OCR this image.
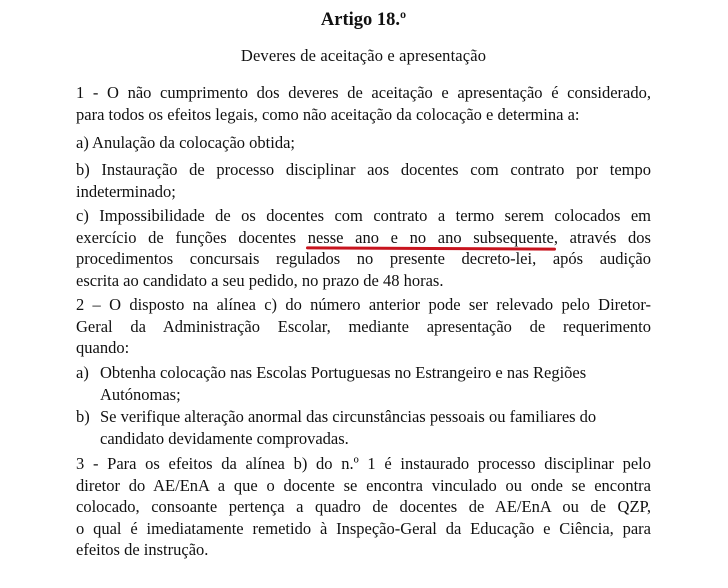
Artigo 18.º
Deveres de aceitação e apresentação
1 - O não cumprimento dos deveres de aceitação e apresentação é considerado,
para todos os efeitos legais, como não aceitação da colocação e determina a:
a) Anulação da colocação obtida;
b) Instauração de processo disciplinar aos docentes com contrato por tempo
indeterminado;
c) Impossibilidade de os docentes com contrato a termo serem colocados em
exercício de funções docentes nesse ano e no ano subsequente, através dos
procedimentos concursais regulados no presente decreto-lei, após audição
escrita ao candidato a seu pedido, no prazo de 48 horas.
2 – O disposto na alínea c) do número anterior pode ser relevado pelo Diretor-
Geral da Administração Escolar, mediante apresentação de requerimento
quando:
a) Obtenha colocação nas Escolas Portuguesas no Estrangeiro e nas Regiões
Autónomas;
b) Se verifique alteração anormal das circunstâncias pessoais ou familiares do
candidato devidamente comprovadas.
3 - Para os efeitos da alínea b) do n.º 1 é instaurado processo disciplinar pelo
diretor do AE/EnA a que o docente se encontra vinculado ou onde se encontra
colocado, consoante pertença a quadro de docentes de AE/EnA ou de QZP,
o qual é imediatamente remetido à Inspeção-Geral da Educação e Ciência, para
efeitos de instrução.
